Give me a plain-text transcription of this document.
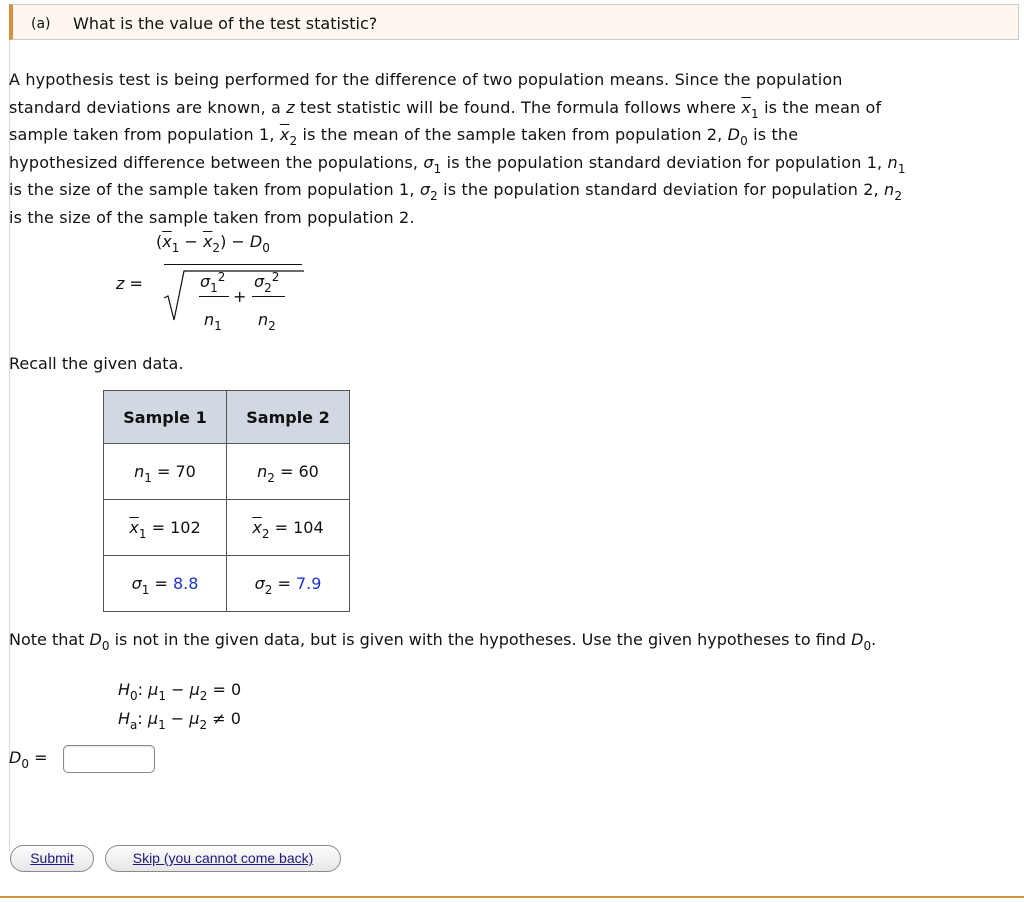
(a) What is the value of the test statistic?
A hypothesis test is being performed for the difference of two population means. Since the population
standard deviations are known, a z test statistic will be found. The formula follows where $\overline{x}_1$ is the mean of
sample taken from population 1, $\overline{x}_2$ is the mean of the sample taken from population 2, $D_0$ is the
hypothesized difference between the populations, $\sigma_1$ is the population standard deviation for population 1, $n_1$
is the size of the sample taken from population 1, $\sigma_2$ is the population standard deviation for population 2, $n_2$
is the size of the sample taken from population 2.
z =
$(\overline{x}_1 - \overline{x}_2) - D_0$
$\sigma_1^2$
$n_1$
+
$\sigma_2^2$
$n_2$
Recall the given data.
Sample 1	Sample 2
$n_1 = 70$	$n_2 = 60$
$\overline{x}_1 = 102$	$\overline{x}_2 = 104$
$\sigma_1 = 8.8$	$\sigma_2 = 7.9$
Note that $D_0$ is not in the given data, but is given with the hypotheses. Use the given hypotheses to find $D_0$.
$H_0$: $\mu_1 - \mu_2 = 0$
$H_a$: $\mu_1 - \mu_2 \ne 0$
$D_0$ =
Submit	Skip (you cannot come back)
